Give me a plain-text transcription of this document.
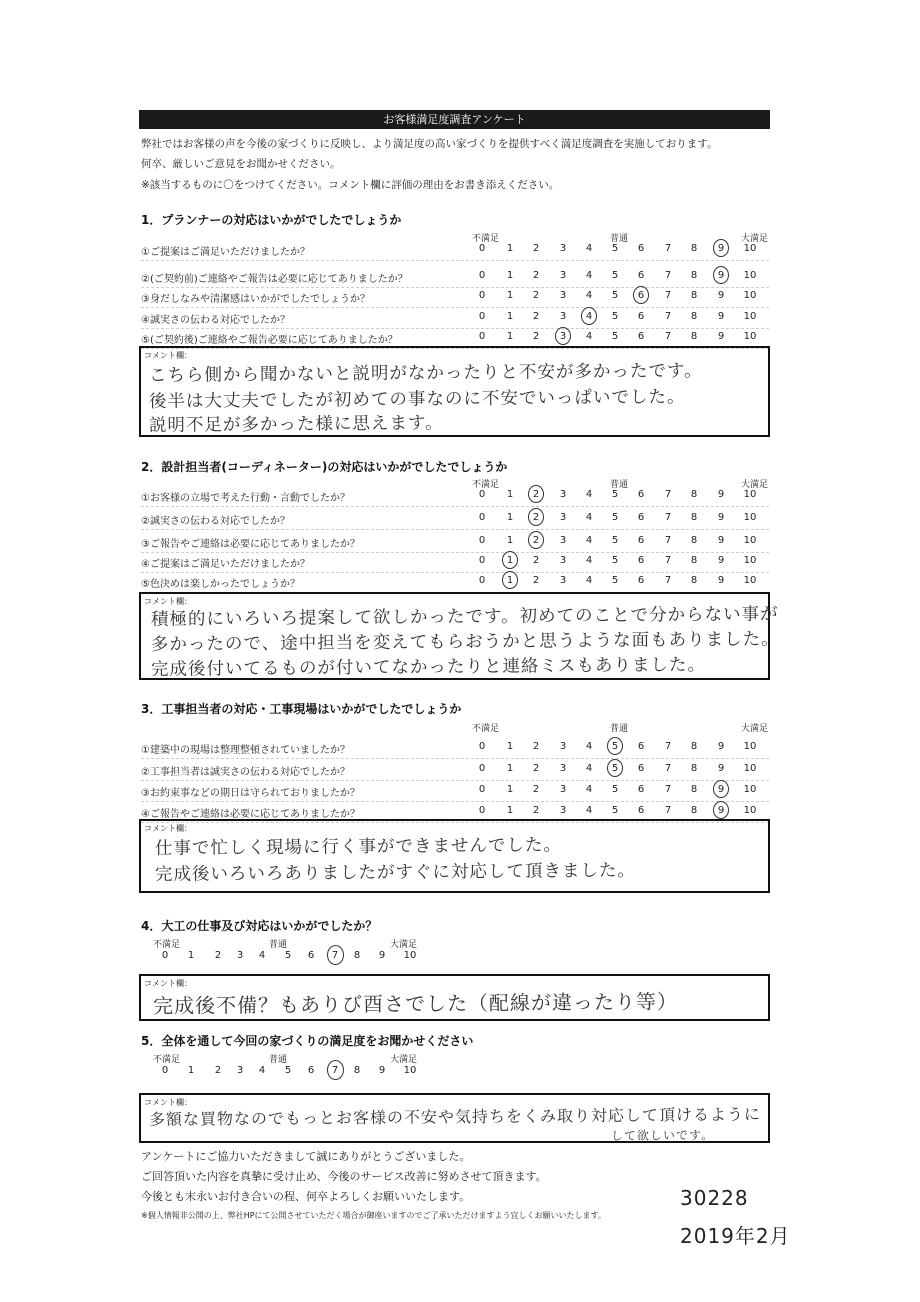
お客様満足度調査アンケート
弊社ではお客様の声を今後の家づくりに反映し、より満足度の高い家づくりを提供すべく満足度調査を実施しております。
何卒、厳しいご意見をお聞かせください。
※該当するものに〇をつけてください。コメント欄に評価の理由をお書き添えください。
1．プランナーの対応はいかがでしたでしょうか
不満足	普通	大満足
①ご提案はご満足いただけましたか？	0	1	2	3	4	5	6	7	8	9	10
②(ご契約前)ご連絡やご報告は必要に応じてありましたか？	0	1	2	3	4	5	6	7	8	9	10
③身だしなみや清潔感はいかがでしたでしょうか？	0	1	2	3	4	5	6	7	8	9	10
④誠実さの伝わる対応でしたか？	0	1	2	3	4	5	6	7	8	9	10
⑤(ご契約後)ご連絡やご報告必要に応じてありましたか？	0	1	2	3	4	5	6	7	8	9	10
コメント欄：
こちら側から聞かないと説明がなかったりと不安が多かったです。
後半は大丈夫でしたが初めての事なのに不安でいっぱいでした。
説明不足が多かった様に思えます。
2．設計担当者(コーディネーター)の対応はいかがでしたでしょうか
不満足	普通	大満足
①お客様の立場で考えた行動・言動でしたか？	0	1	2	3	4	5	6	7	8	9	10
②誠実さの伝わる対応でしたか？	0	1	2	3	4	5	6	7	8	9	10
③ご報告やご連絡は必要に応じてありましたか？	0	1	2	3	4	5	6	7	8	9	10
④ご提案はご満足いただけましたか？	0	1	2	3	4	5	6	7	8	9	10
⑤色決めは楽しかったでしょうか？	0	1	2	3	4	5	6	7	8	9	10
コメント欄：
積極的にいろいろ提案して欲しかったです。初めてのことで分からない事が
多かったので、途中担当を変えてもらおうかと思うような面もありました。
完成後付いてるものが付いてなかったりと連絡ミスもありました。
3．工事担当者の対応・工事現場はいかがでしたでしょうか
不満足	普通	大満足
①建築中の現場は整理整頓されていましたか？	0	1	2	3	4	5	6	7	8	9	10
②工事担当者は誠実さの伝わる対応でしたか？	0	1	2	3	4	5	6	7	8	9	10
③お約束事などの期日は守られておりましたか？	0	1	2	3	4	5	6	7	8	9	10
④ご報告やご連絡は必要に応じてありましたか？	0	1	2	3	4	5	6	7	8	9	10
コメント欄：
仕事で忙しく現場に行く事ができませんでした。
完成後いろいろありましたがすぐに対応して頂きました。
4．大工の仕事及び対応はいかがでしたか？
不満足	普通	大満足
0	1	2	3	4	5	6	7	8	9	10
コメント欄：
完成後不備？もありび酉さでした（配線が違ったり等）
5．全体を通して今回の家づくりの満足度をお聞かせください
不満足	普通	大満足
0	1	2	3	4	5	6	7	8	9	10
コメント欄：
多額な買物なのでもっとお客様の不安や気持ちをくみ取り対応して頂けるように
して欲しいです。
アンケートにご協力いただきまして誠にありがとうございました。
ご回答頂いた内容を真摯に受け止め、今後のサービス改善に努めさせて頂きます。
今後とも末永いお付き合いの程、何卒よろしくお願いいたします。
※個人情報非公開の上、弊社HPにて公開させていただく場合が御座いますのでご了承いただけますよう宜しくお願いいたします。
30228
2019年2月
